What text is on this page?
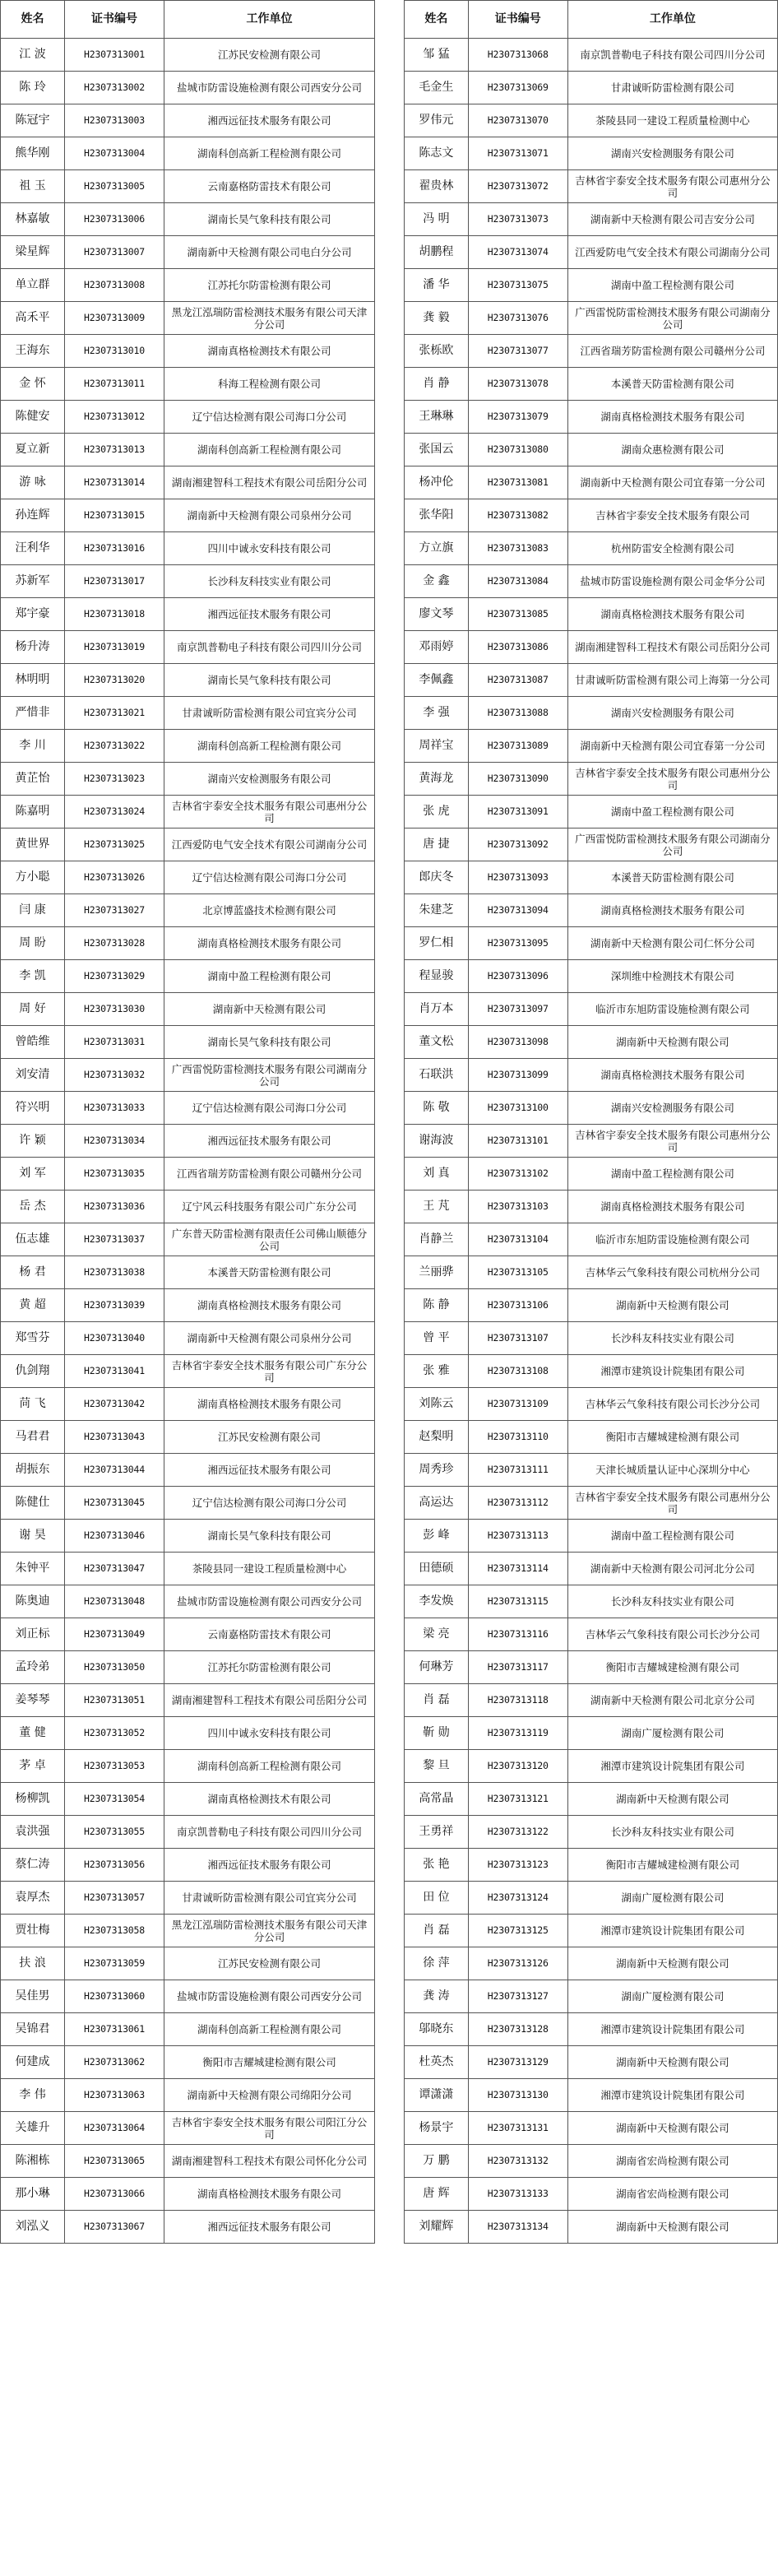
姓名	证书编号	工作单位
江 波	H2307313001	江苏民安检测有限公司
陈 玲	H2307313002	盐城市防雷设施检测有限公司西安分公司
陈冠宇	H2307313003	湘西远征技术服务有限公司
熊华刚	H2307313004	湖南科创高新工程检测有限公司
祖 玉	H2307313005	云南嘉格防雷技术有限公司
林嘉敏	H2307313006	湖南长昊气象科技有限公司
梁星辉	H2307313007	湖南新中天检测有限公司电白分公司
单立群	H2307313008	江苏托尔防雷检测有限公司
高禾平	H2307313009	黑龙江泓瑞防雷检测技术服务有限公司天津分公司
王海东	H2307313010	湖南真格检测技术有限公司
金 怀	H2307313011	科海工程检测有限公司
陈健安	H2307313012	辽宁信达检测有限公司海口分公司
夏立新	H2307313013	湖南科创高新工程检测有限公司
游 咏	H2307313014	湖南湘建智科工程技术有限公司岳阳分公司
孙连辉	H2307313015	湖南新中天检测有限公司泉州分公司
汪利华	H2307313016	四川中诚永安科技有限公司
苏新军	H2307313017	长沙科友科技实业有限公司
郑宇豪	H2307313018	湘西远征技术服务有限公司
杨升涛	H2307313019	南京凯普勒电子科技有限公司四川分公司
林明明	H2307313020	湖南长昊气象科技有限公司
严惜非	H2307313021	甘肃诚昕防雷检测有限公司宜宾分公司
李 川	H2307313022	湖南科创高新工程检测有限公司
黄芷怡	H2307313023	湖南兴安检测服务有限公司
陈嘉明	H2307313024	吉林省宇泰安全技术服务有限公司惠州分公司
黄世界	H2307313025	江西爱防电气安全技术有限公司湖南分公司
方小聪	H2307313026	辽宁信达检测有限公司海口分公司
闫 康	H2307313027	北京博蓝盛技术检测有限公司
周 盼	H2307313028	湖南真格检测技术服务有限公司
李 凯	H2307313029	湖南中盈工程检测有限公司
周 好	H2307313030	湖南新中天检测有限公司
曾皓维	H2307313031	湖南长昊气象科技有限公司
刘安清	H2307313032	广西雷悦防雷检测技术服务有限公司湖南分公司
符兴明	H2307313033	辽宁信达检测有限公司海口分公司
许 颖	H2307313034	湘西远征技术服务有限公司
刘 军	H2307313035	江西省瑞芳防雷检测有限公司赣州分公司
岳 杰	H2307313036	辽宁风云科技服务有限公司广东分公司
伍志雄	H2307313037	广东普天防雷检测有限责任公司佛山顺德分公司
杨 君	H2307313038	本溪普天防雷检测有限公司
黄 超	H2307313039	湖南真格检测技术服务有限公司
郑雪芬	H2307313040	湖南新中天检测有限公司泉州分公司
仇剑翔	H2307313041	吉林省宇泰安全技术服务有限公司广东分公司
苘 飞	H2307313042	湖南真格检测技术服务有限公司
马君君	H2307313043	江苏民安检测有限公司
胡振东	H2307313044	湘西远征技术服务有限公司
陈健仕	H2307313045	辽宁信达检测有限公司海口分公司
谢 昊	H2307313046	湖南长昊气象科技有限公司
朱钟平	H2307313047	茶陵县同一建设工程质量检测中心
陈奥迪	H2307313048	盐城市防雷设施检测有限公司西安分公司
刘正标	H2307313049	云南嘉格防雷技术有限公司
孟玲弟	H2307313050	江苏托尔防雷检测有限公司
姜琴琴	H2307313051	湖南湘建智科工程技术有限公司岳阳分公司
董 健	H2307313052	四川中诚永安科技有限公司
茅 卓	H2307313053	湖南科创高新工程检测有限公司
杨柳凯	H2307313054	湖南真格检测技术有限公司
袁洪强	H2307313055	南京凯普勒电子科技有限公司四川分公司
蔡仁涛	H2307313056	湘西远征技术服务有限公司
袁厚杰	H2307313057	甘肃诚昕防雷检测有限公司宜宾分公司
贾壮梅	H2307313058	黑龙江泓瑞防雷检测技术服务有限公司天津分公司
扶 浪	H2307313059	江苏民安检测有限公司
吴佳男	H2307313060	盐城市防雷设施检测有限公司西安分公司
吴锦君	H2307313061	湖南科创高新工程检测有限公司
何建成	H2307313062	衡阳市吉耀城建检测有限公司
李 伟	H2307313063	湖南新中天检测有限公司绵阳分公司
关雄升	H2307313064	吉林省宇泰安全技术服务有限公司阳江分公司
陈湘栋	H2307313065	湖南湘建智科工程技术有限公司怀化分公司
那小琳	H2307313066	湖南真格检测技术服务有限公司
刘泓义	H2307313067	湘西远征技术服务有限公司
姓名	证书编号	工作单位
邹 猛	H2307313068	南京凯普勒电子科技有限公司四川分公司
毛金生	H2307313069	甘肃诚昕防雷检测有限公司
罗伟元	H2307313070	茶陵县同一建设工程质量检测中心
陈志文	H2307313071	湖南兴安检测服务有限公司
翟贵林	H2307313072	吉林省宇泰安全技术服务有限公司惠州分公司
冯 明	H2307313073	湖南新中天检测有限公司吉安分公司
胡鹏程	H2307313074	江西爱防电气安全技术有限公司湖南分公司
潘 华	H2307313075	湖南中盈工程检测有限公司
龚 毅	H2307313076	广西雷悦防雷检测技术服务有限公司湖南分公司
张栎欧	H2307313077	江西省瑞芳防雷检测有限公司赣州分公司
肖 静	H2307313078	本溪普天防雷检测有限公司
王琳琳	H2307313079	湖南真格检测技术服务有限公司
张国云	H2307313080	湖南众惠检测有限公司
杨冲伦	H2307313081	湖南新中天检测有限公司宜春第一分公司
张华阳	H2307313082	吉林省宇泰安全技术服务有限公司
方立旗	H2307313083	杭州防雷安全检测有限公司
金 鑫	H2307313084	盐城市防雷设施检测有限公司金华分公司
廖文琴	H2307313085	湖南真格检测技术服务有限公司
邓雨婷	H2307313086	湖南湘建智科工程技术有限公司岳阳分公司
李佩鑫	H2307313087	甘肃诚昕防雷检测有限公司上海第一分公司
李 强	H2307313088	湖南兴安检测服务有限公司
周祥宝	H2307313089	湖南新中天检测有限公司宜春第一分公司
黄海龙	H2307313090	吉林省宇泰安全技术服务有限公司惠州分公司
张 虎	H2307313091	湖南中盈工程检测有限公司
唐 捷	H2307313092	广西雷悦防雷检测技术服务有限公司湖南分公司
郎庆冬	H2307313093	本溪普天防雷检测有限公司
朱建芝	H2307313094	湖南真格检测技术服务有限公司
罗仁相	H2307313095	湖南新中天检测有限公司仁怀分公司
程显骏	H2307313096	深圳维中检测技术有限公司
肖万本	H2307313097	临沂市东旭防雷设施检测有限公司
董文松	H2307313098	湖南新中天检测有限公司
石联洪	H2307313099	湖南真格检测技术服务有限公司
陈 敬	H2307313100	湖南兴安检测服务有限公司
谢海波	H2307313101	吉林省宇泰安全技术服务有限公司惠州分公司
刘 真	H2307313102	湖南中盈工程检测有限公司
王 芃	H2307313103	湖南真格检测技术服务有限公司
肖静兰	H2307313104	临沂市东旭防雷设施检测有限公司
兰丽骅	H2307313105	吉林华云气象科技有限公司杭州分公司
陈 静	H2307313106	湖南新中天检测有限公司
曾 平	H2307313107	长沙科友科技实业有限公司
张 雅	H2307313108	湘潭市建筑设计院集团有限公司
刘陈云	H2307313109	吉林华云气象科技有限公司长沙分公司
赵梨明	H2307313110	衡阳市吉耀城建检测有限公司
周秀珍	H2307313111	天津长城质量认证中心深圳分中心
高运达	H2307313112	吉林省宇泰安全技术服务有限公司惠州分公司
彭 峰	H2307313113	湖南中盈工程检测有限公司
田德硕	H2307313114	湖南新中天检测有限公司河北分公司
李发焕	H2307313115	长沙科友科技实业有限公司
梁 亮	H2307313116	吉林华云气象科技有限公司长沙分公司
何琳芳	H2307313117	衡阳市吉耀城建检测有限公司
肖 磊	H2307313118	湖南新中天检测有限公司北京分公司
靳 勋	H2307313119	湖南广厦检测有限公司
黎 旦	H2307313120	湘潭市建筑设计院集团有限公司
高常晶	H2307313121	湖南新中天检测有限公司
王勇祥	H2307313122	长沙科友科技实业有限公司
张 艳	H2307313123	衡阳市吉耀城建检测有限公司
田 位	H2307313124	湖南广厦检测有限公司
肖 磊	H2307313125	湘潭市建筑设计院集团有限公司
徐 萍	H2307313126	湖南新中天检测有限公司
龚 涛	H2307313127	湖南广厦检测有限公司
邬晓东	H2307313128	湘潭市建筑设计院集团有限公司
杜英杰	H2307313129	湖南新中天检测有限公司
谭潇潇	H2307313130	湘潭市建筑设计院集团有限公司
杨景宇	H2307313131	湖南新中天检测有限公司
万 鹏	H2307313132	湖南省宏尚检测有限公司
唐 辉	H2307313133	湖南省宏尚检测有限公司
刘耀辉	H2307313134	湖南新中天检测有限公司
